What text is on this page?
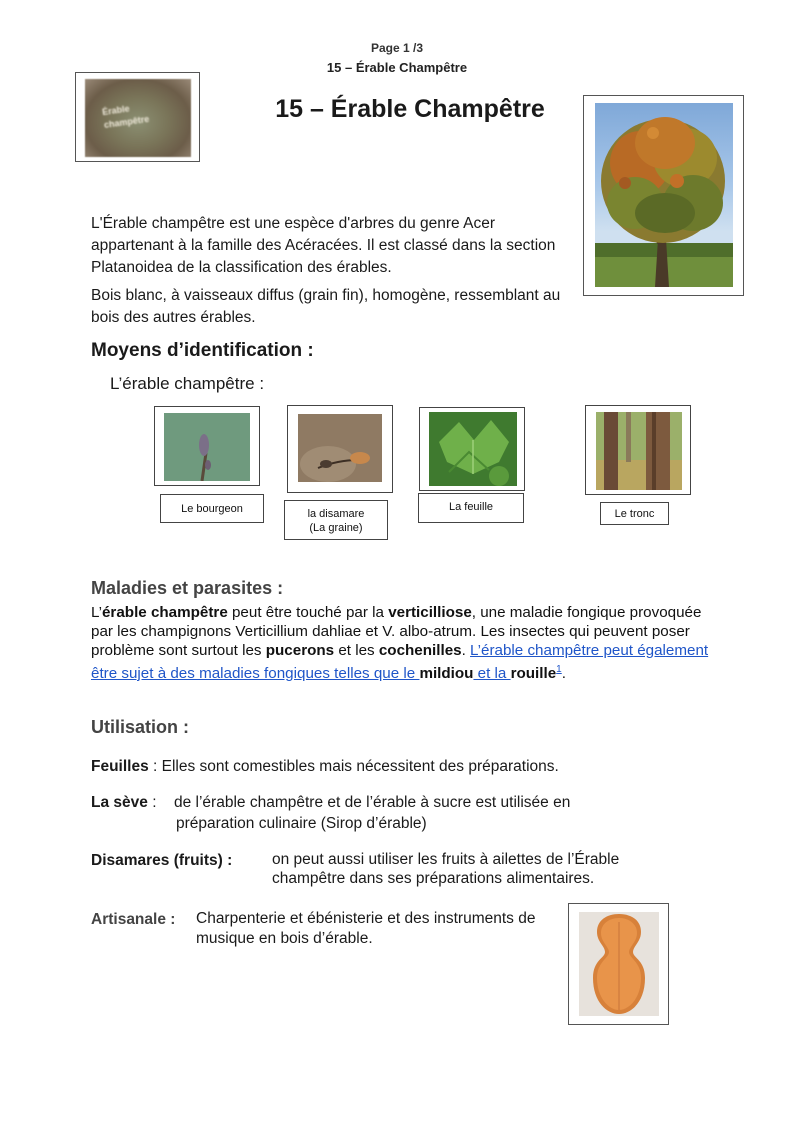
Page 1 /3
15 – Érable Champêtre
Érable
champêtre	15 – Érable Champêtre
L'Érable champêtre est une espèce d'arbres du genre Acer appartenant à la famille des Acéracées. Il est classé dans la section Platanoidea de la classification des érables.
Bois blanc, à vaisseaux diffus (grain fin), homogène, ressemblant au bois des autres érables.
Moyens d’identification :
L’érable champêtre :
Le bourgeon	la disamare
(La graine)
La feuille
Le tronc
Maladies et parasites :
L’érable champêtre peut être touché par la verticilliose, une maladie fongique provoquée par les champignons Verticillium dahliae et V. albo-atrum. Les insectes qui peuvent poser problème sont surtout les pucerons et les cochenilles. L’érable champêtre peut également être sujet à des maladies fongiques telles que le mildiou et la rouille$^1$.
Utilisation :
Feuilles : Elles sont comestibles mais nécessitent des préparations.
La sève : de l’érable champêtre et de l’érable à sucre est utilisée en
préparation culinaire (Sirop d’érable)
Disamares (fruits) :	on peut aussi utiliser les fruits à ailettes de l’Érable
champêtre dans ses préparations alimentaires.
Artisanale : Charpenterie et ébénisterie et des instruments de
musique en bois d’érable.
